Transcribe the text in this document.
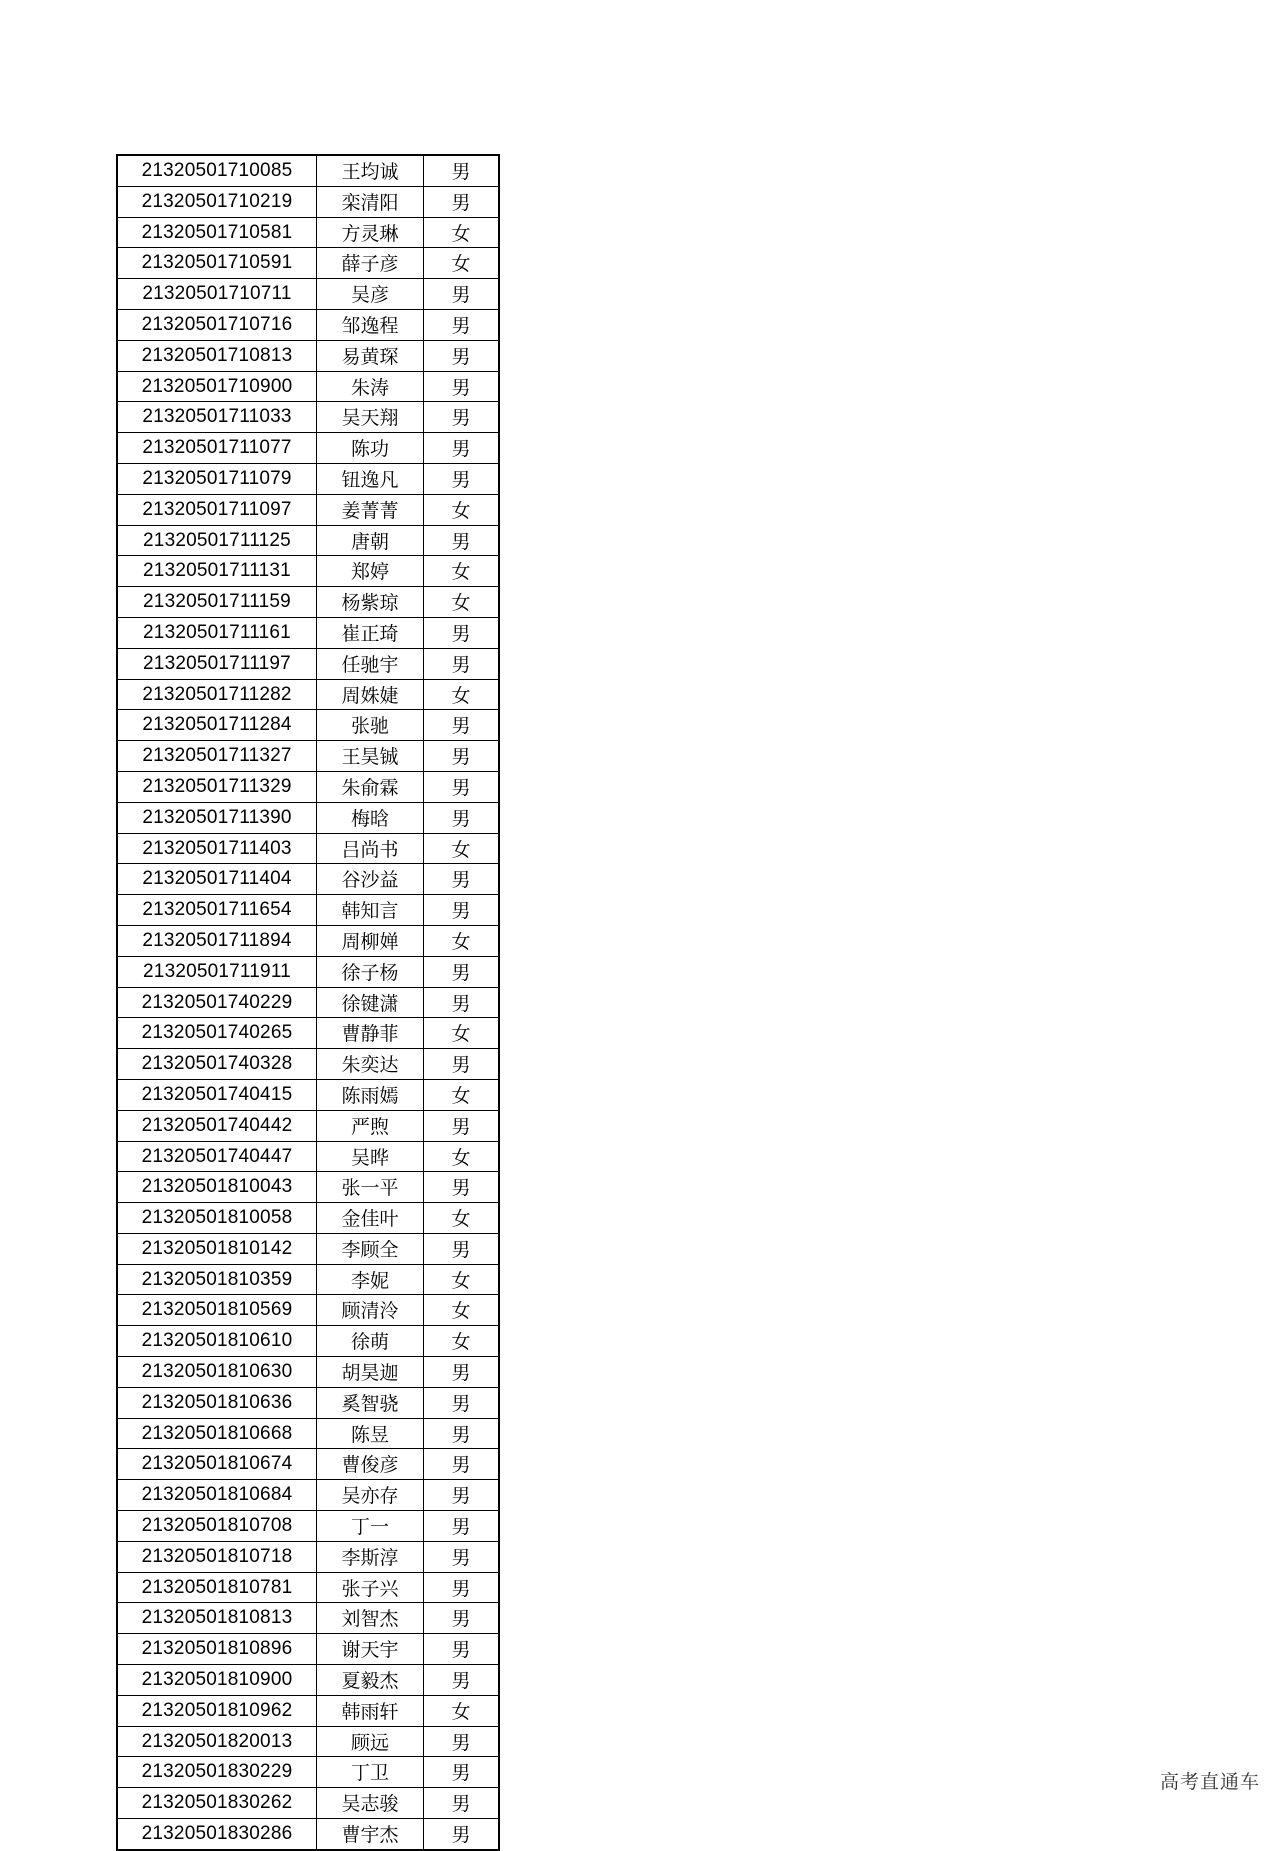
21320501710085	王均诚	男
21320501710219	栾清阳	男
21320501710581	方灵琳	女
21320501710591	薛子彦	女
21320501710711	吴彦	男
21320501710716	邹逸程	男
21320501710813	易黄琛	男
21320501710900	朱涛	男
21320501711033	吴天翔	男
21320501711077	陈功	男
21320501711079	钮逸凡	男
21320501711097	姜菁菁	女
21320501711125	唐朝	男
21320501711131	郑婷	女
21320501711159	杨紫琼	女
21320501711161	崔正琦	男
21320501711197	任驰宇	男
21320501711282	周姝婕	女
21320501711284	张驰	男
21320501711327	王昊铖	男
21320501711329	朱俞霖	男
21320501711390	梅晗	男
21320501711403	吕尚书	女
21320501711404	谷沙益	男
21320501711654	韩知言	男
21320501711894	周柳婵	女
21320501711911	徐子杨	男
21320501740229	徐键潇	男
21320501740265	曹静菲	女
21320501740328	朱奕达	男
21320501740415	陈雨嫣	女
21320501740442	严煦	男
21320501740447	吴晔	女
21320501810043	张一平	男
21320501810058	金佳叶	女
21320501810142	李顾全	男
21320501810359	李妮	女
21320501810569	顾清泠	女
21320501810610	徐萌	女
21320501810630	胡昊迦	男
21320501810636	奚智骁	男
21320501810668	陈昱	男
21320501810674	曹俊彦	男
21320501810684	吴亦存	男
21320501810708	丁一	男
21320501810718	李斯淳	男
21320501810781	张子兴	男
21320501810813	刘智杰	男
21320501810896	谢天宇	男
21320501810900	夏毅杰	男
21320501810962	韩雨轩	女
21320501820013	顾远	男
21320501830229	丁卫	男
21320501830262	吴志骏	男
21320501830286	曹宇杰	男
高考直通车
